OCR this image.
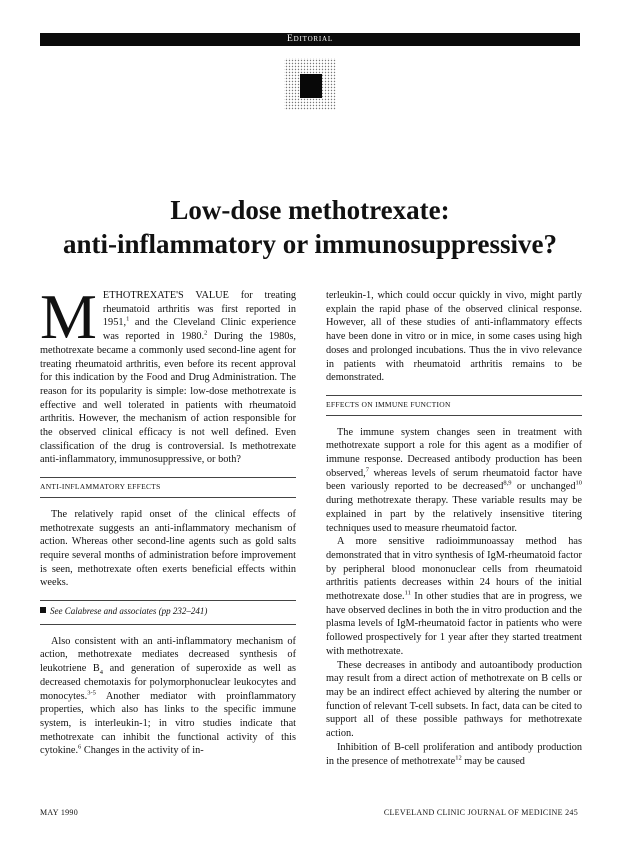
Editorial
Low-dose methotrexate:
anti-inflammatory or immunosuppressive?

METHOTREXATE'S VALUE for treating rheumatoid arthritis was first reported in 1951,$^1$ and the Cleveland Clinic experience was reported in 1980.$^2$ During the 1980s, methotrexate became a commonly used second-line agent for treating rheumatoid arthritis, even before its recent approval for this indication by the Food and Drug Administration. The reason for its popularity is simple: low-dose methotrexate is effective and well tolerated in patients with rheumatoid arthritis. However, the mechanism of action responsible for the observed clinical efficacy is not well defined. Even classification of the drug is controversial. Is methotrexate anti-inflammatory, immunosuppressive, or both?

ANTI-INFLAMMATORY EFFECTS

The relatively rapid onset of the clinical effects of methotrexate suggests an anti-inflammatory mechanism of action. Whereas other second-line agents such as gold salts require several months of administration before improvement is seen, methotrexate often exerts beneficial effects within weeks.

See Calabrese and associates (pp 232–241)

Also consistent with an anti-inflammatory mechanism of action, methotrexate mediates decreased synthesis of leukotriene $B_4$ and generation of superoxide as well as decreased chemotaxis for polymorphonuclear leukocytes and monocytes.$^{3-5}$ Another mediator with proinflammatory properties, which also has links to the specific immune system, is interleukin-1; in vitro studies indicate that methotrexate can inhibit the functional activity of this cytokine.$^6$ Changes in the activity of in-

terleukin-1, which could occur quickly in vivo, might partly explain the rapid phase of the observed clinical response. However, all of these studies of anti-inflammatory effects have been done in vitro or in mice, in some cases using high doses and prolonged incubations. Thus the in vivo relevance in patients with rheumatoid arthritis remains to be demonstrated.

EFFECTS ON IMMUNE FUNCTION

The immune system changes seen in treatment with methotrexate support a role for this agent as a modifier of immune response. Decreased antibody production has been observed,$^7$ whereas levels of serum rheumatoid factor have been variously reported to be decreased$^{8,9}$ or unchanged$^{10}$ during methotrexate therapy. These variable results may be explained in part by the relatively insensitive titering techniques used to measure rheumatoid factor.

A more sensitive radioimmunoassay method has demonstrated that in vitro synthesis of IgM-rheumatoid factor by peripheral blood mononuclear cells from rheumatoid arthritis patients decreases within 24 hours of the initial methotrexate dose.$^{11}$ In other studies that are in progress, we have observed declines in both the in vitro production and the plasma levels of IgM-rheumatoid factor in patients who were followed prospectively for 1 year after they started treatment with methotrexate.

These decreases in antibody and autoantibody production may result from a direct action of methotrexate on B cells or may be an indirect effect achieved by altering the number or function of relevant T-cell subsets. In fact, data can be cited to support all of these possible pathways for methotrexate action.

Inhibition of B-cell proliferation and antibody production in the presence of methotrexate$^{12}$ may be caused

MAY 1990	CLEVELAND CLINIC JOURNAL OF MEDICINE 245
